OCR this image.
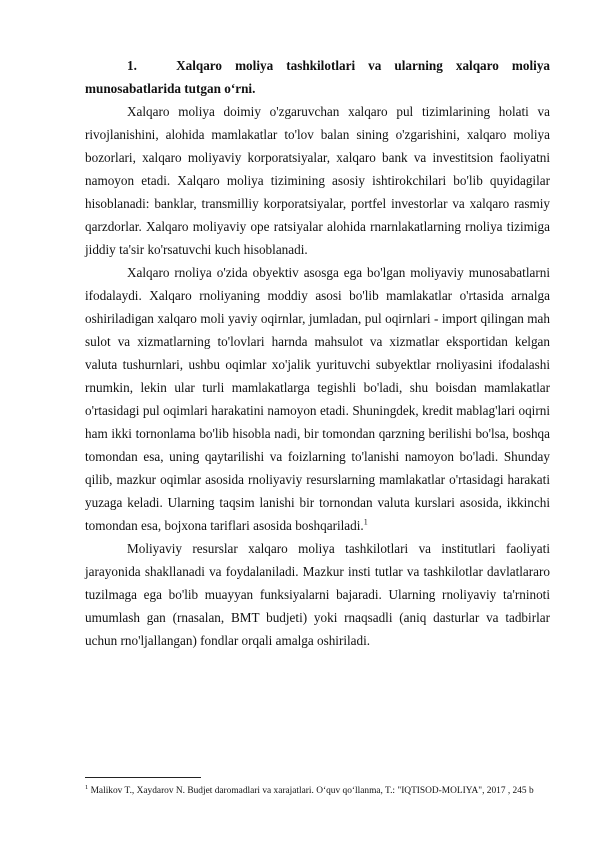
1.	Xalqaro moliya tashkilotlari va ularning xalqaro moliya munosabatlarida tutgan o‘rni.

Xalqaro moliya doimiy o'zgaruvchan xalqaro pul tizimlarining holati va rivojlanishini, alohida mamlakatlar to'lov balan sining o'zgarishini, xalqaro moliya bozorlari, xalqaro moliyaviy korporatsiyalar, xalqaro bank va investitsion faoliyatni namoyon etadi. Xalqaro moliya tizimining asosiy ishtirokchilari bo'lib quyidagilar hisoblanadi: banklar, transmilliy korporatsiyalar, portfel investorlar va xalqaro rasmiy qarzdorlar. Xalqaro moliyaviy ope ratsiyalar alohida rnarnlakatlarning rnoliya tizimiga jiddiy ta'sir ko'rsatuvchi kuch hisoblanadi.

Xalqaro rnoliya o'zida obyektiv asosga ega bo'lgan moliyaviy munosabatlarni ifodalaydi. Xalqaro rnoliyaning moddiy asosi bo'lib mamlakatlar o'rtasida arnalga oshiriladigan xalqaro moli yaviy oqirnlar, jumladan, pul oqirnlari - import qilingan mah sulot va xizmatlarning to'lovlari harnda mahsulot va xizmatlar eksportidan kelgan valuta tushurnlari, ushbu oqimlar xo'jalik yurituvchi subyektlar rnoliyasini ifodalashi rnumkin, lekin ular turli mamlakatlarga tegishli bo'ladi, shu boisdan mamlakatlar o'rtasidagi pul oqimlari harakatini namoyon etadi. Shuningdek, kredit mablag'lari oqirni ham ikki tornonlama bo'lib hisobla nadi, bir tomondan qarzning berilishi bo'lsa, boshqa tomondan esa, uning qaytarilishi va foizlarning to'lanishi namoyon bo'ladi. Shunday qilib, mazkur oqimlar asosida rnoliyaviy resurslarning mamlakatlar o'rtasidagi harakati yuzaga keladi. Ularning taqsim lanishi bir tornondan valuta kurslari asosida, ikkinchi tomondan esa, bojxona tariflari asosida boshqariladi.$^1$

Moliyaviy resurslar xalqaro moliya tashkilotlari va institutlari faoliyati jarayonida shakllanadi va foydalaniladi. Mazkur insti tutlar va tashkilotlar davlatlararo tuzilmaga ega bo'lib muayyan funksiyalarni bajaradi. Ularning rnoliyaviy ta'rninoti umumlash gan (rnasalan, BMT budjeti) yoki rnaqsadli (aniq dasturlar va tadbirlar uchun rno'ljallangan) fondlar orqali amalga oshiriladi.

$^1$ Malikov T., Xaydarov N. Budjet daromadlari va xarajatlari. O‘quv qo‘llanma, T.: "IQTISOD-MOLIYA", 2017 , 245 b
